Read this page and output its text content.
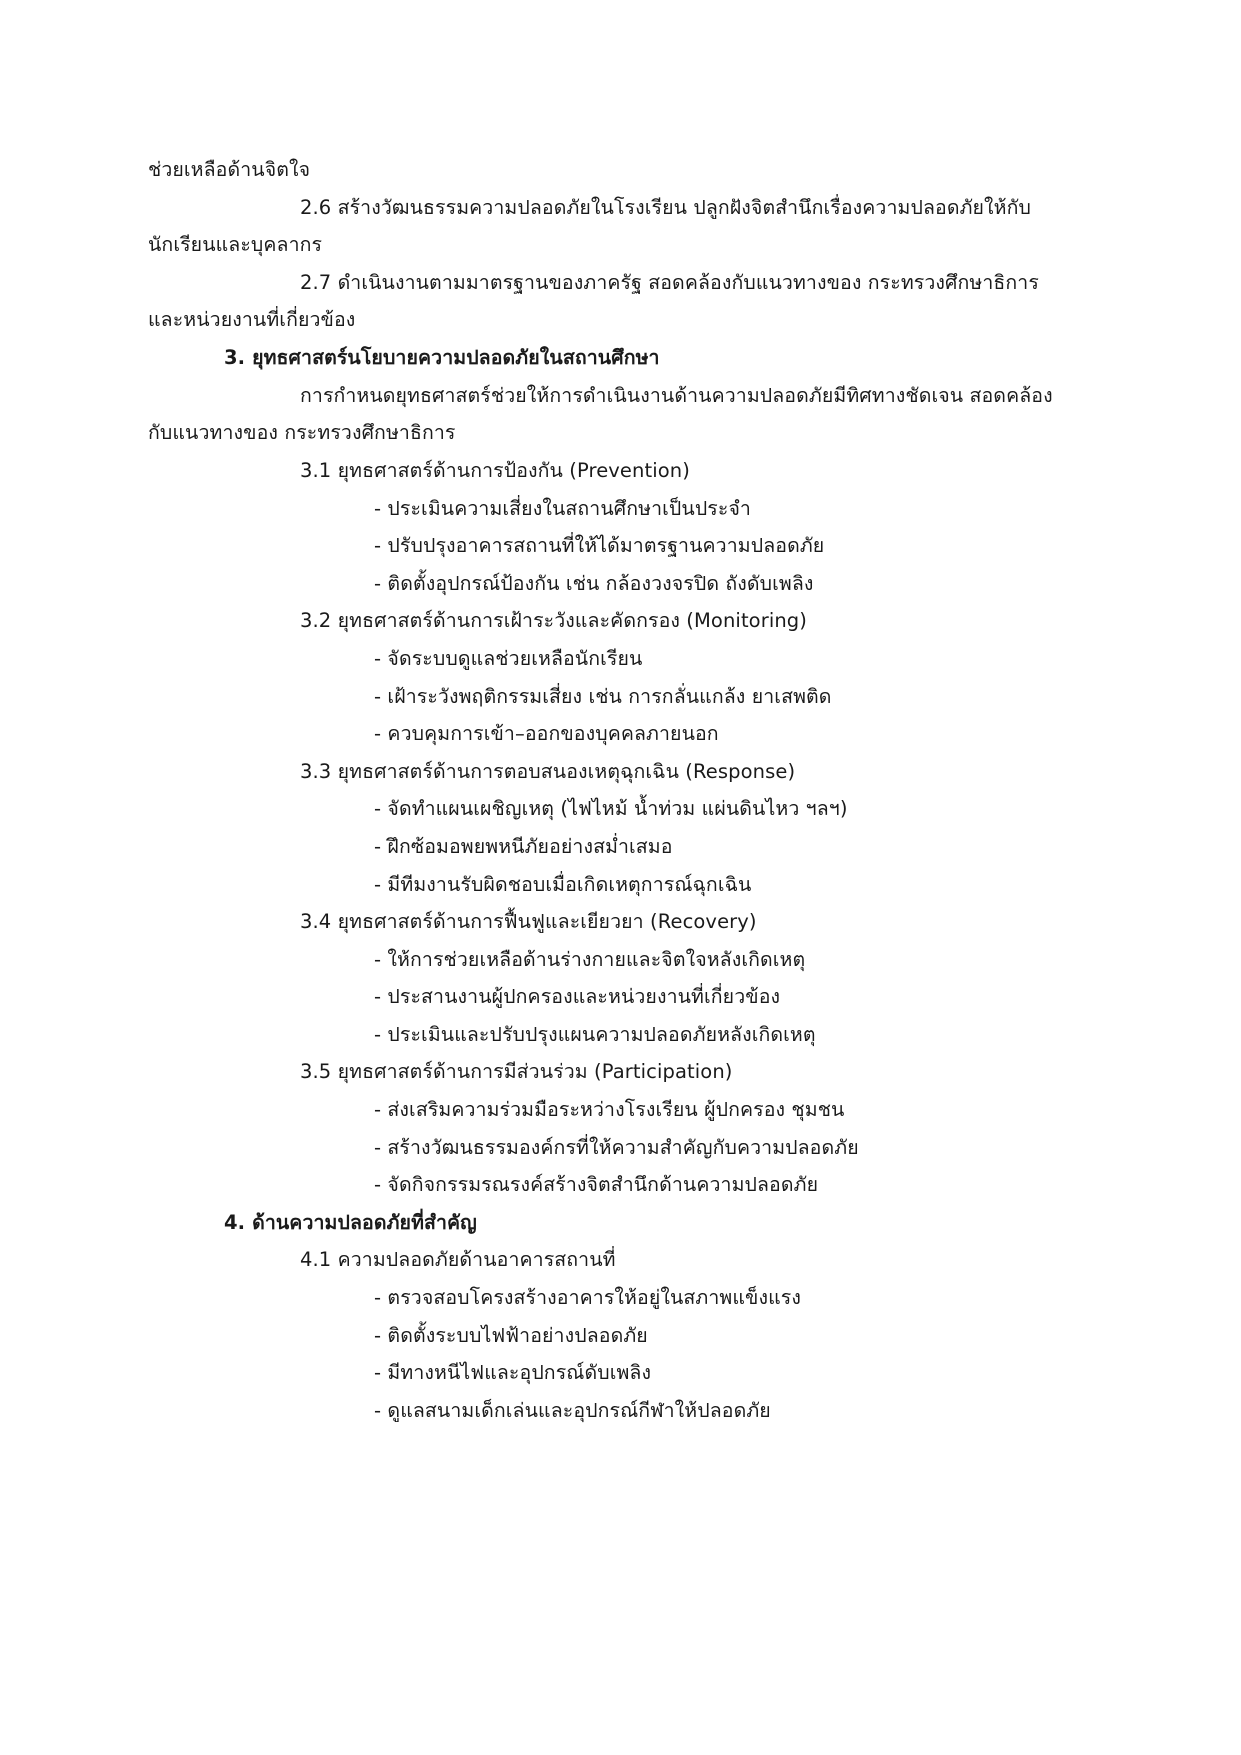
ช่วยเหลือด้านจิตใจ
2.6 สร้างวัฒนธรรมความปลอดภัยในโรงเรียน ปลูกฝังจิตสำนึกเรื่องความปลอดภัยให้กับ
นักเรียนและบุคลากร
2.7 ดำเนินงานตามมาตรฐานของภาครัฐ สอดคล้องกับแนวทางของ กระทรวงศึกษาธิการ
และหน่วยงานที่เกี่ยวข้อง
3. ยุทธศาสตร์นโยบายความปลอดภัยในสถานศึกษา
การกำหนดยุทธศาสตร์ช่วยให้การดำเนินงานด้านความปลอดภัยมีทิศทางชัดเจน สอดคล้อง
กับแนวทางของ กระทรวงศึกษาธิการ
3.1 ยุทธศาสตร์ด้านการป้องกัน (Prevention)
- ประเมินความเสี่ยงในสถานศึกษาเป็นประจำ
- ปรับปรุงอาคารสถานที่ให้ได้มาตรฐานความปลอดภัย
- ติดตั้งอุปกรณ์ป้องกัน เช่น กล้องวงจรปิด ถังดับเพลิง
3.2 ยุทธศาสตร์ด้านการเฝ้าระวังและคัดกรอง (Monitoring)
- จัดระบบดูแลช่วยเหลือนักเรียน
- เฝ้าระวังพฤติกรรมเสี่ยง เช่น การกลั่นแกล้ง ยาเสพติด
- ควบคุมการเข้า–ออกของบุคคลภายนอก
3.3 ยุทธศาสตร์ด้านการตอบสนองเหตุฉุกเฉิน (Response)
- จัดทำแผนเผชิญเหตุ (ไฟไหม้ น้ำท่วม แผ่นดินไหว ฯลฯ)
- ฝึกซ้อมอพยพหนีภัยอย่างสม่ำเสมอ
- มีทีมงานรับผิดชอบเมื่อเกิดเหตุการณ์ฉุกเฉิน
3.4 ยุทธศาสตร์ด้านการฟื้นฟูและเยียวยา (Recovery)
- ให้การช่วยเหลือด้านร่างกายและจิตใจหลังเกิดเหตุ
- ประสานงานผู้ปกครองและหน่วยงานที่เกี่ยวข้อง
- ประเมินและปรับปรุงแผนความปลอดภัยหลังเกิดเหตุ
3.5 ยุทธศาสตร์ด้านการมีส่วนร่วม (Participation)
- ส่งเสริมความร่วมมือระหว่างโรงเรียน ผู้ปกครอง ชุมชน
- สร้างวัฒนธรรมองค์กรที่ให้ความสำคัญกับความปลอดภัย
- จัดกิจกรรมรณรงค์สร้างจิตสำนึกด้านความปลอดภัย
4. ด้านความปลอดภัยที่สำคัญ
4.1 ความปลอดภัยด้านอาคารสถานที่
- ตรวจสอบโครงสร้างอาคารให้อยู่ในสภาพแข็งแรง
- ติดตั้งระบบไฟฟ้าอย่างปลอดภัย
- มีทางหนีไฟและอุปกรณ์ดับเพลิง
- ดูแลสนามเด็กเล่นและอุปกรณ์กีฬาให้ปลอดภัย
